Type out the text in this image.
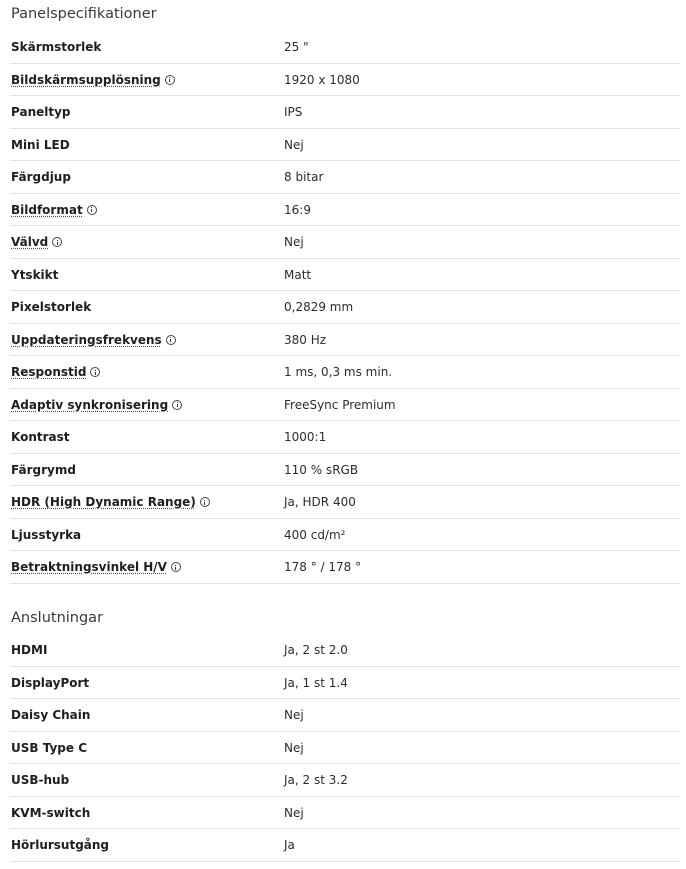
Panelspecifikationer
Skärmstorlek	25 "
Bildskärmsupplösning	1920 x 1080
Paneltyp	IPS
Mini LED	Nej
Färgdjup	8 bitar
Bildformat	16:9
Välvd	Nej
Ytskikt	Matt
Pixelstorlek	0,2829 mm
Uppdateringsfrekvens	380 Hz
Responstid	1 ms, 0,3 ms min.
Adaptiv synkronisering	FreeSync Premium
Kontrast	1000:1
Färgrymd	110 % sRGB
HDR (High Dynamic Range)	Ja, HDR 400
Ljusstyrka	400 cd/m²
Betraktningsvinkel H/V	178 ° / 178 °
Anslutningar
HDMI	Ja, 2 st 2.0
DisplayPort	Ja, 1 st 1.4
Daisy Chain	Nej
USB Type C	Nej
USB-hub	Ja, 2 st 3.2
KVM-switch	Nej
Hörlursutgång	Ja
